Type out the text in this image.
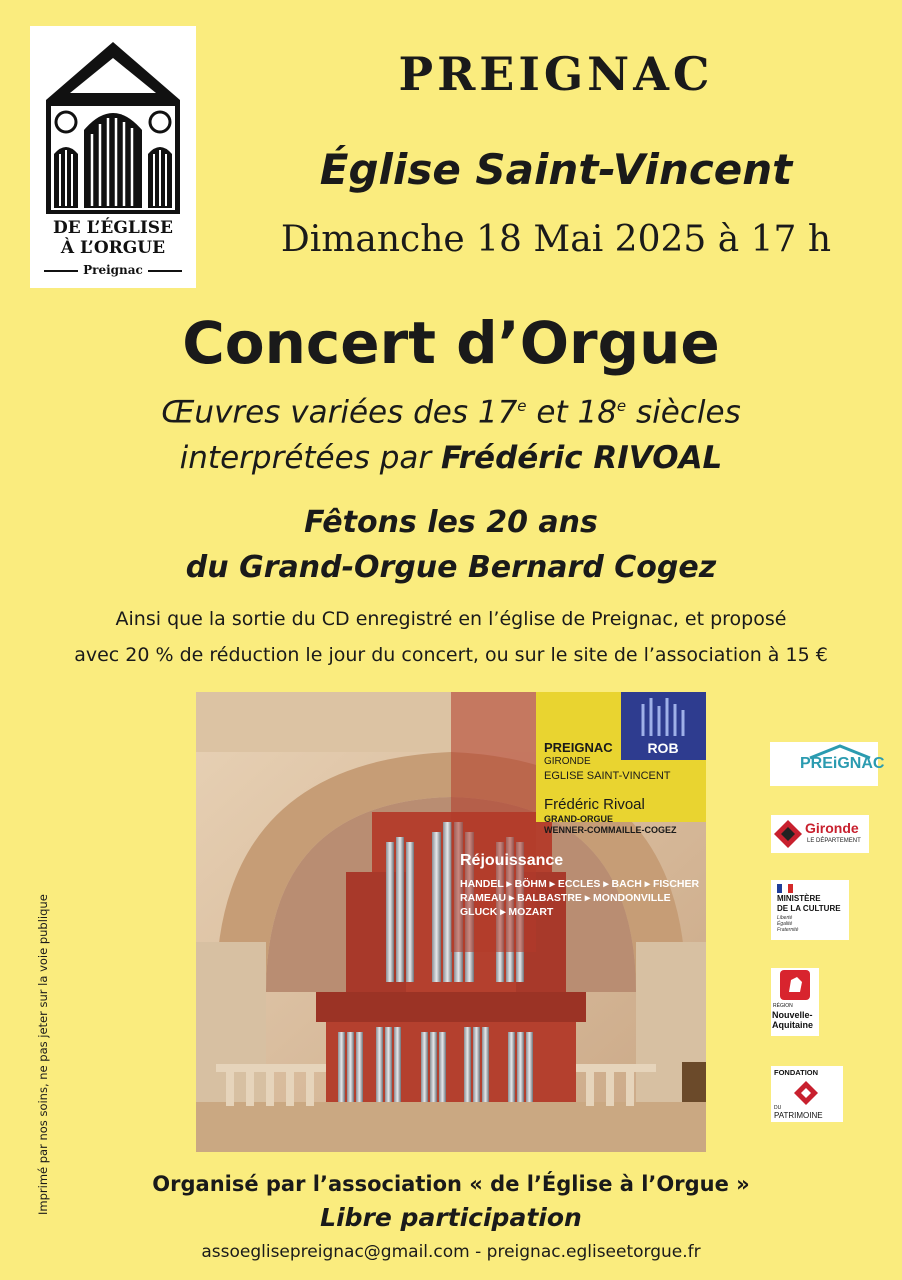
DE L’ÉGLISE
À L’ORGUE
Preignac
PREIGNAC
Église Saint-Vincent
Dimanche 18 Mai 2025 à 17 h
Concert d’Orgue
Œuvres variées des 17e et 18e siècles
interprétées par Frédéric RIVOAL
Fêtons les 20 ans
du Grand-Orgue Bernard Cogez
Ainsi que la sortie du CD enregistré en l’église de Preignac, et proposé
avec 20 % de réduction le jour du concert, ou sur le site de l’association à 15 €
ROB
PREIGNAC
GIRONDE
EGLISE SAINT-VINCENT
Frédéric Rivoal
GRAND-ORGUE
WENNER-COMMAILLE-COGEZ
Réjouissance
HANDEL ▸ BÖHM ▸ ECCLES ▸ BACH ▸ FISCHER
RAMEAU ▸ BALBASTRE ▸ MONDONVILLE
GLUCK ▸ MOZART
PREiGNAC
Gironde
LE DÉPARTEMENT
MINISTÈRE
DE LA CULTURE
Liberté
Égalité
Fraternité
RÉGION
Nouvelle-
Aquitaine
FONDATION
DU
PATRIMOINE
Imprimé par nos soins, ne pas jeter sur la voie publique	Organisé par l’association « de l’Église à l’Orgue »
Libre participation
assoeglisepreignac@gmail.com - preignac.egliseetorgue.fr
